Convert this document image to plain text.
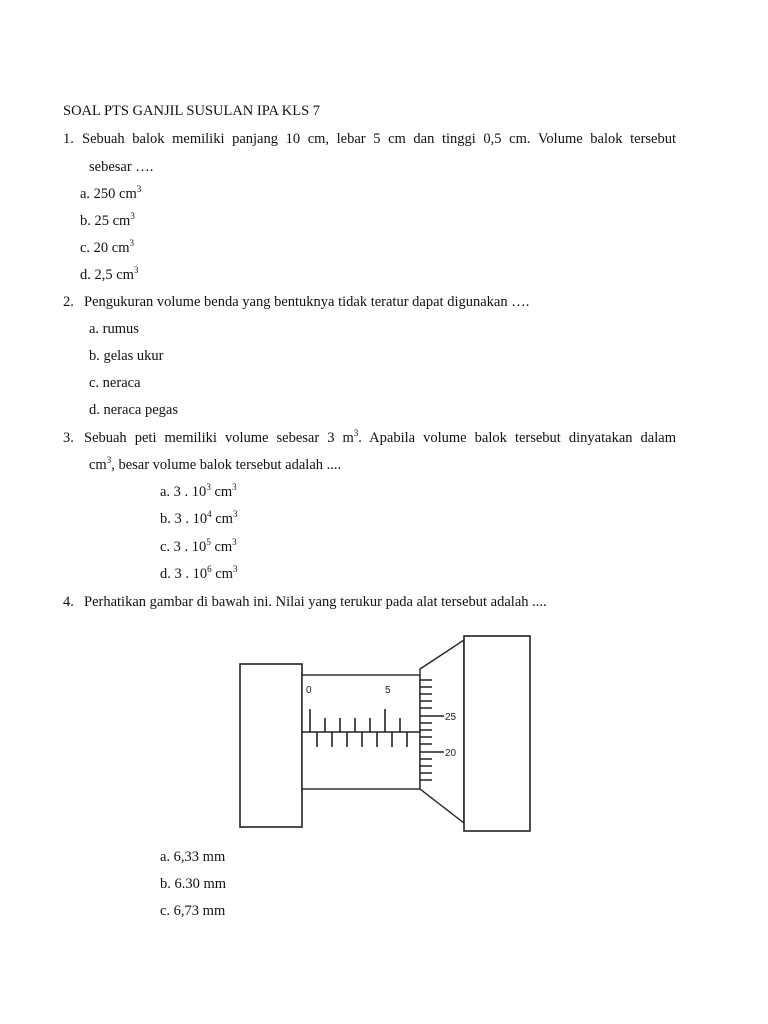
SOAL PTS GANJIL SUSULAN IPA KLS 7
1. Sebuah balok memiliki panjang 10 cm, lebar 5 cm dan tinggi 0,5 cm. Volume balok tersebut
sebesar ….
a. 250 $cm^3$
b. 25 $cm^3$
c. 20 $cm^3$
d. 2,5 $cm^3$
2. Pengukuran volume benda yang bentuknya tidak teratur dapat digunakan ….
a. rumus
b. gelas ukur
c. neraca
d. neraca pegas
3. Sebuah peti memiliki volume sebesar 3 $m^3$. Apabila volume balok tersebut dinyatakan dalam
$cm^3$, besar volume balok tersebut adalah ....
a. 3 . $10^3$ $cm^3$
b. 3 . $10^4$ $cm^3$
c. 3 . $10^5$ $cm^3$
d. 3 . $10^6$ $cm^3$
4. Perhatikan gambar di bawah ini. Nilai yang terukur pada alat tersebut adalah ....
0	5
25
20
a. 6,33 mm
b. 6.30 mm
c. 6,73 mm
